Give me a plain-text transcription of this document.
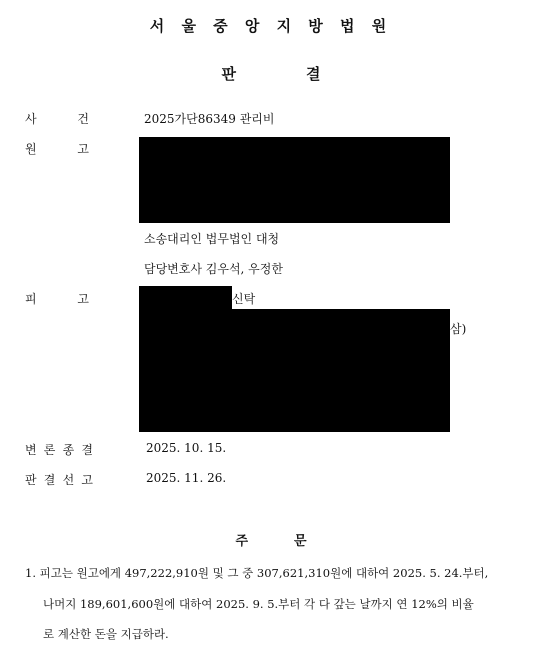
서 울 중 앙 지 방 법 원
판	결
사	건	2025가단86349 관리비
원	고
소송대리인 법무법인 대청
담당변호사 김우석, 우정한
피	고	신탁
삼)
변 론 종 결	2025. 10. 15.
판 결 선 고	2025. 11. 26.
주	문
1. 피고는 원고에게 497,222,910원 및 그 중 307,621,310원에 대하여 2025. 5. 24.부터,
나머지 189,601,600원에 대하여 2025. 9. 5.부터 각 다 갚는 날까지 연 12%의 비율
로 계산한 돈을 지급하라.
